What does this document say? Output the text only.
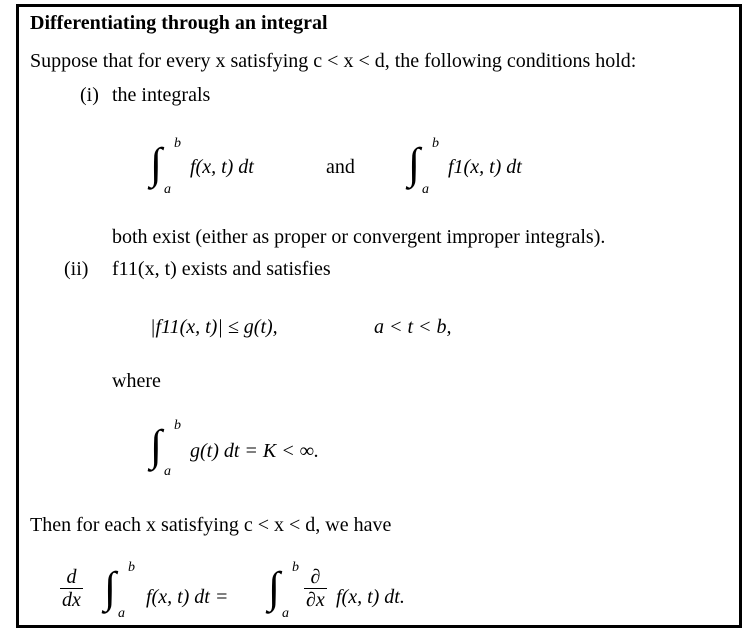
Differentiating through an integral
Suppose that for every x satisfying c < x < d, the following conditions hold:
(i) the integrals
∫ b
a
f(x, t) dt	and ∫ b
a
f1(x, t) dt
both exist (either as proper or convergent improper integrals).
(ii) f11(x, t) exists and satisfies
|f11(x, t)| ≤ g(t),	a < t < b,
where
∫ b
a
g(t) dt = K < ∞.
Then for each x satisfying c < x < d, we have
$\frac{d}{dx}$ ∫ b
a
f(x, t) dt = ∫ b
a
$\frac{\partial}{\partial x} f(x$, t) dt.
